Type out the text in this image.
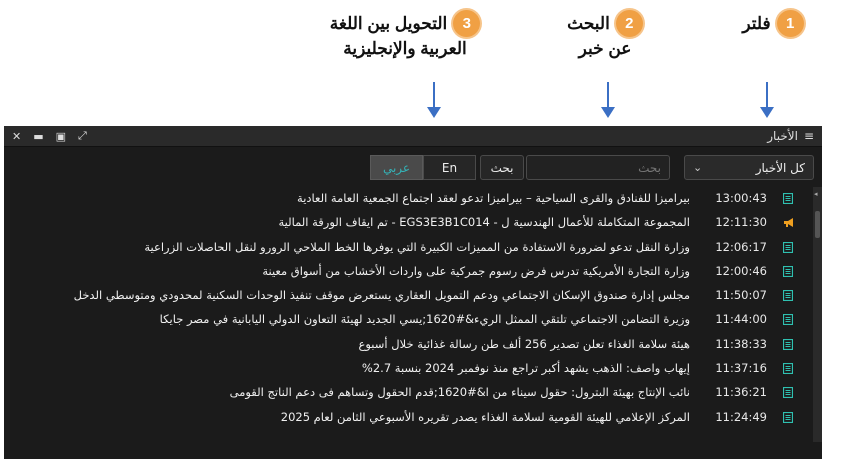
فلتر	1
البحث	2
عن خبر
التحويل بين اللغة	3
العربية والإنجليزية
✕ ▬ ▣ ⤢	الأخبار ≡
عربي	En	بحث	بحث	كل الأخبار
⌄
13:00:43
بيراميزا للفنادق والقرى السياحية – بيراميزا تدعو لعقد اجتماع الجمعية العامة العادية
12:11:30
المجموعة المتكاملة للأعمال الهندسية ل - EGS3E3B1C014 - تم ايقاف الورقة المالية
12:06:17
وزارة النقل تدعو لضرورة الاستفادة من المميزات الكبيرة التي يوفرها الخط الملاحي الرورو لنقل الحاصلات الزراعية
12:00:46
وزارة التجارة الأمريكية تدرس فرض رسوم جمركية على واردات الأخشاب من أسواق معينة
11:50:07
مجلس إدارة صندوق الإسكان الاجتماعي ودعم التمويل العقاري يستعرض موقف تنفيذ الوحدات السكنية لمحدودي ومتوسطي الدخل
11:44:00
وزيرة التضامن الاجتماعي تلتقي الممثل الريء&#1620;يسي الجديد لهيئة التعاون الدولي اليابانية في مصر جايكا
11:38:33
هيئة سلامة الغذاء تعلن تصدير 256 ألف طن رسالة غذائية خلال أسبوع
11:37:16
إيهاب واصف: الذهب يشهد أكبر تراجع منذ نوفمبر 2024 بنسبة 2.7%
11:36:21
نائب الإنتاج بهيئة البترول: حقول سيناء من ا&#1620;قدم الحقول وتساهم فى دعم الناتج القومى
11:24:49
المركز الإعلامي للهيئة القومية لسلامة الغذاء يصدر تقريره الأسبوعي الثامن لعام 2025
◂
